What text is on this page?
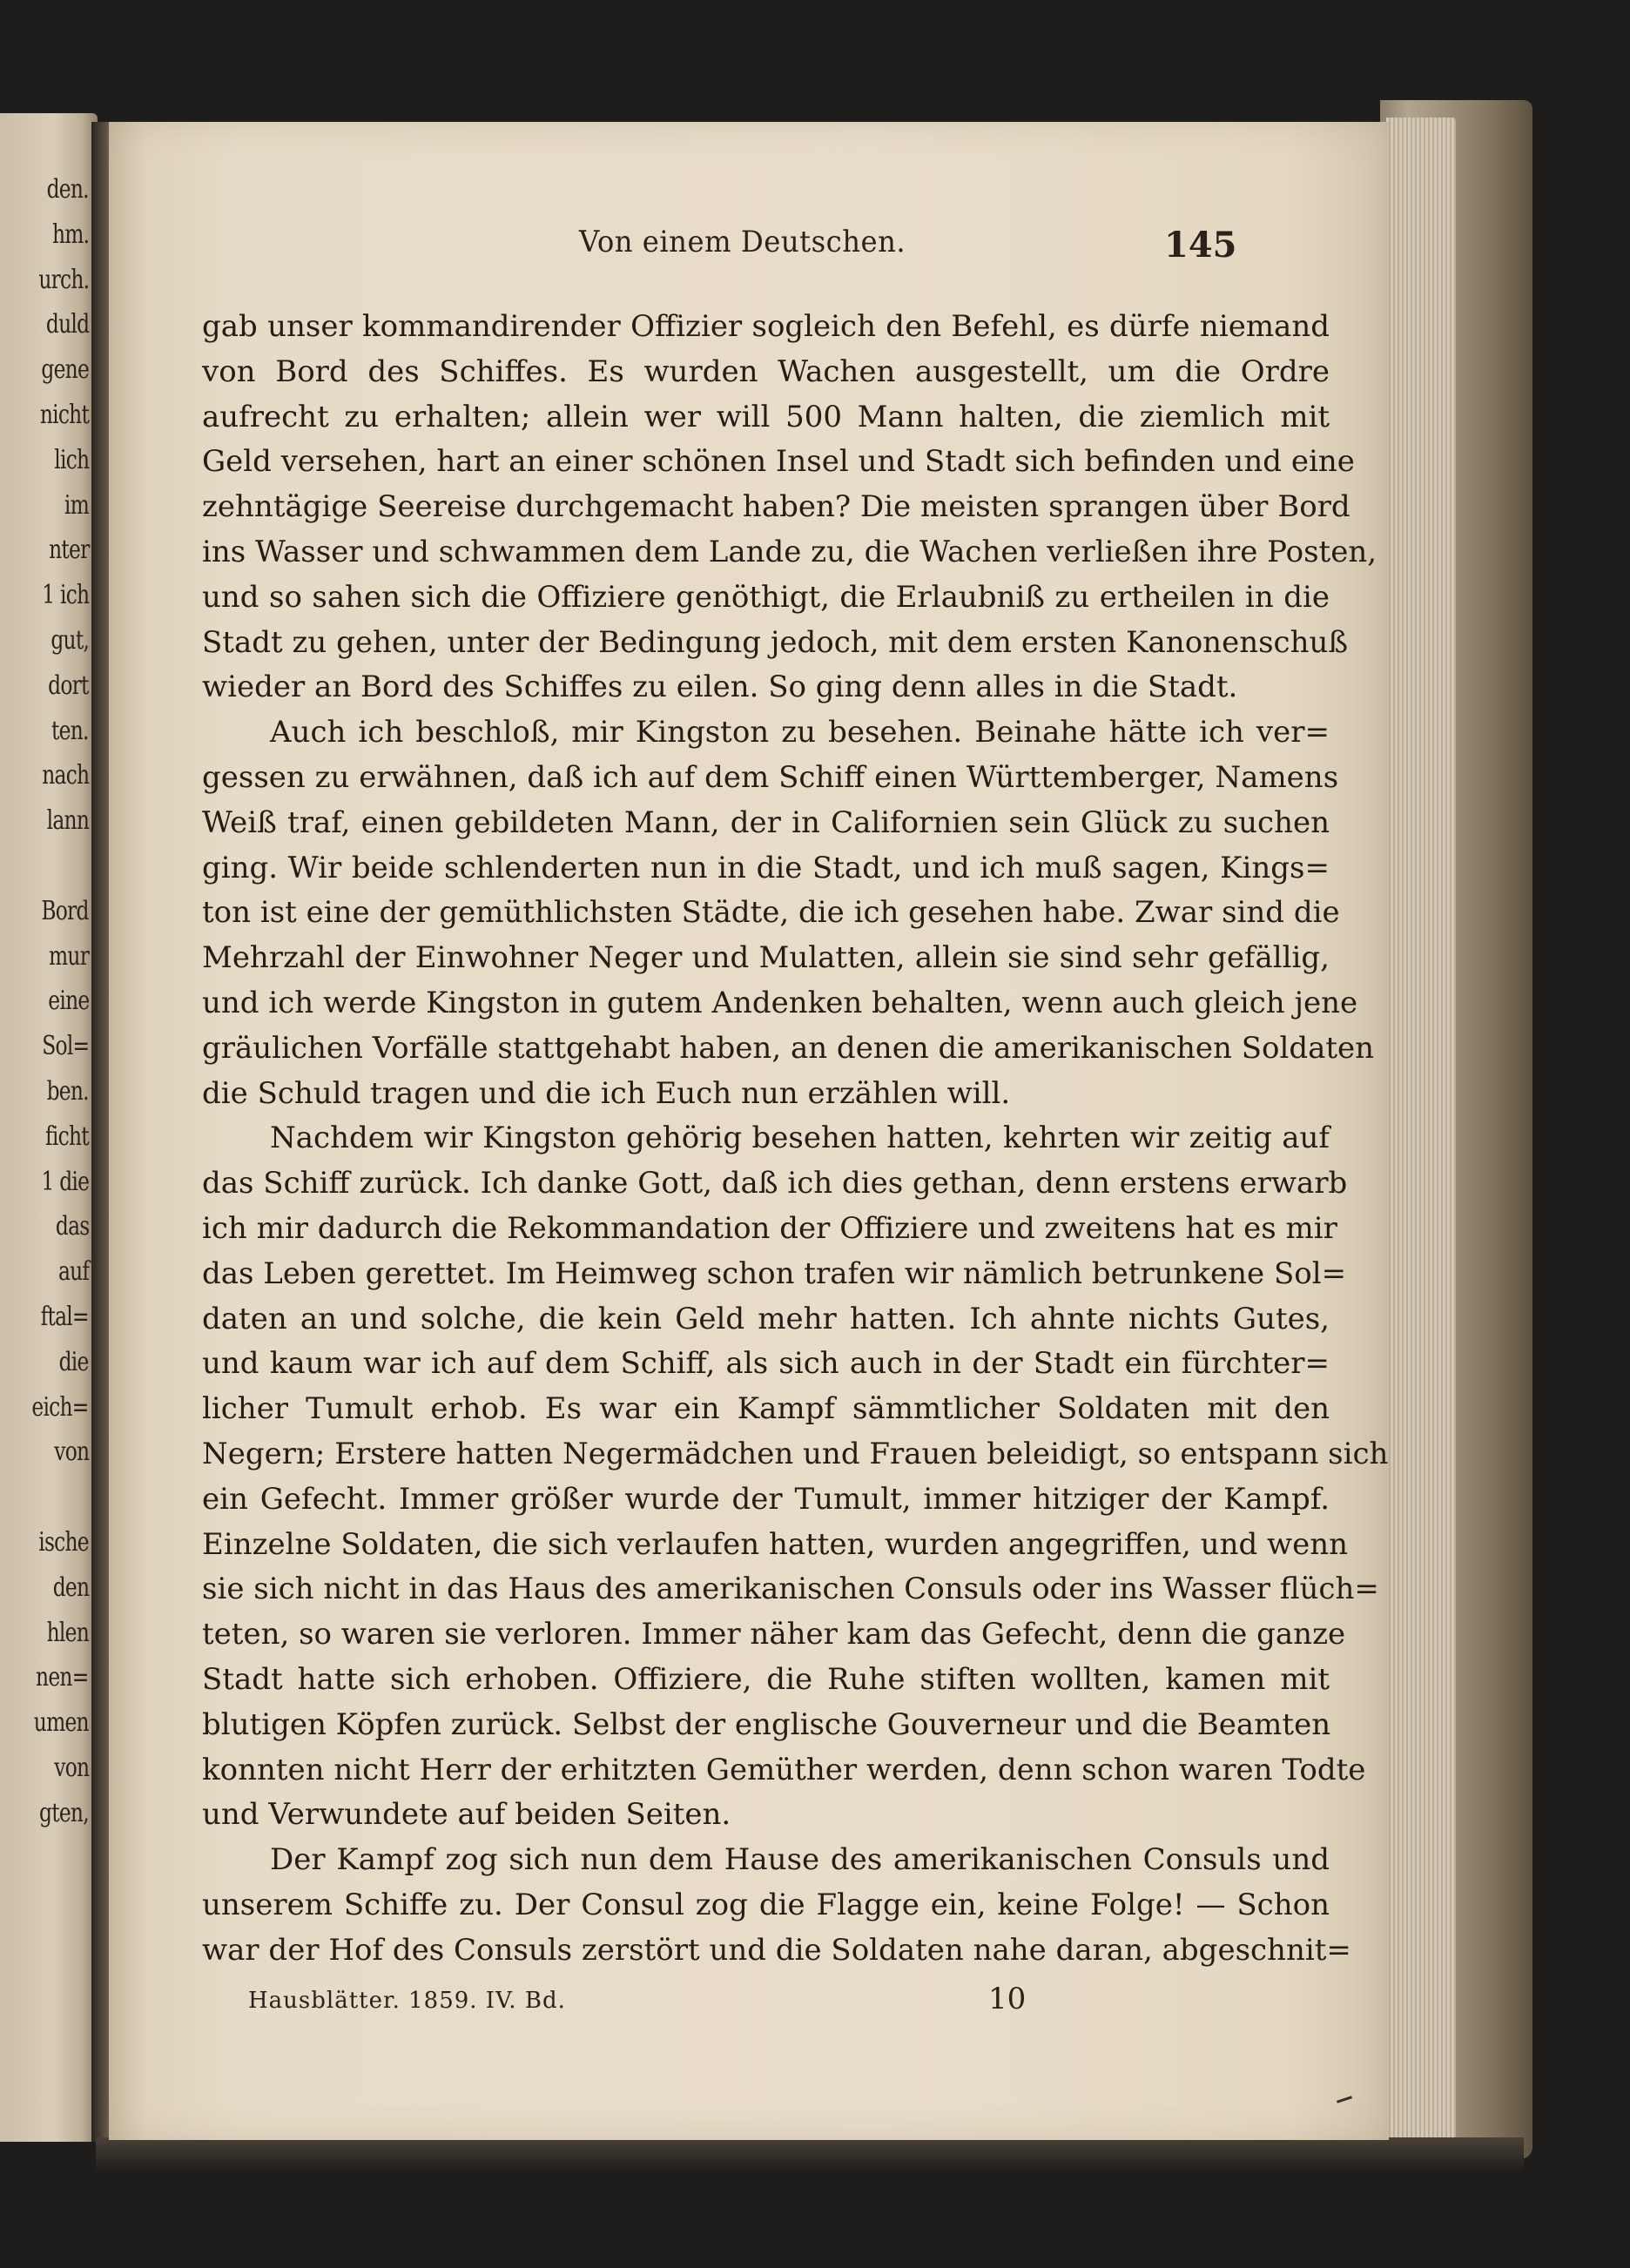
den.
hm.
urch.
duld
gene
nicht
lich
im
nter
1 ich
gut,
dort
ten.
nach
lann
Bord
mur
eine
Sol=
ben.
ficht
1 die
das
auf
ftal=
die
eich=
von
ische
den
hlen
nen=
umen
von
gten,
Von einem Deutschen.	145
gab unser kommandirender Offizier sogleich den Befehl, es dürfe niemand
von Bord des Schiffes. Es wurden Wachen ausgestellt, um die Ordre
aufrecht zu erhalten; allein wer will 500 Mann halten, die ziemlich mit
Geld versehen, hart an einer schönen Insel und Stadt sich befinden und eine
zehntägige Seereise durchgemacht haben? Die meisten sprangen über Bord
ins Wasser und schwammen dem Lande zu, die Wachen verließen ihre Posten,
und so sahen sich die Offiziere genöthigt, die Erlaubniß zu ertheilen in die
Stadt zu gehen, unter der Bedingung jedoch, mit dem ersten Kanonenschuß
wieder an Bord des Schiffes zu eilen. So ging denn alles in die Stadt.
Auch ich beschloß, mir Kingston zu besehen. Beinahe hätte ich ver=
gessen zu erwähnen, daß ich auf dem Schiff einen Württemberger, Namens
Weiß traf, einen gebildeten Mann, der in Californien sein Glück zu suchen
ging. Wir beide schlenderten nun in die Stadt, und ich muß sagen, Kings=
ton ist eine der gemüthlichsten Städte, die ich gesehen habe. Zwar sind die
Mehrzahl der Einwohner Neger und Mulatten, allein sie sind sehr gefällig,
und ich werde Kingston in gutem Andenken behalten, wenn auch gleich jene
gräulichen Vorfälle stattgehabt haben, an denen die amerikanischen Soldaten
die Schuld tragen und die ich Euch nun erzählen will.
Nachdem wir Kingston gehörig besehen hatten, kehrten wir zeitig auf
das Schiff zurück. Ich danke Gott, daß ich dies gethan, denn erstens erwarb
ich mir dadurch die Rekommandation der Offiziere und zweitens hat es mir
das Leben gerettet. Im Heimweg schon trafen wir nämlich betrunkene Sol=
daten an und solche, die kein Geld mehr hatten. Ich ahnte nichts Gutes,
und kaum war ich auf dem Schiff, als sich auch in der Stadt ein fürchter=
licher Tumult erhob. Es war ein Kampf sämmtlicher Soldaten mit den
Negern; Erstere hatten Negermädchen und Frauen beleidigt, so entspann sich
ein Gefecht. Immer größer wurde der Tumult, immer hitziger der Kampf.
Einzelne Soldaten, die sich verlaufen hatten, wurden angegriffen, und wenn
sie sich nicht in das Haus des amerikanischen Consuls oder ins Wasser flüch=
teten, so waren sie verloren. Immer näher kam das Gefecht, denn die ganze
Stadt hatte sich erhoben. Offiziere, die Ruhe stiften wollten, kamen mit
blutigen Köpfen zurück. Selbst der englische Gouverneur und die Beamten
konnten nicht Herr der erhitzten Gemüther werden, denn schon waren Todte
und Verwundete auf beiden Seiten.
Der Kampf zog sich nun dem Hause des amerikanischen Consuls und
unserem Schiffe zu. Der Consul zog die Flagge ein, keine Folge! — Schon
war der Hof des Consuls zerstört und die Soldaten nahe daran, abgeschnit=
Hausblätter. 1859. IV. Bd.	10
